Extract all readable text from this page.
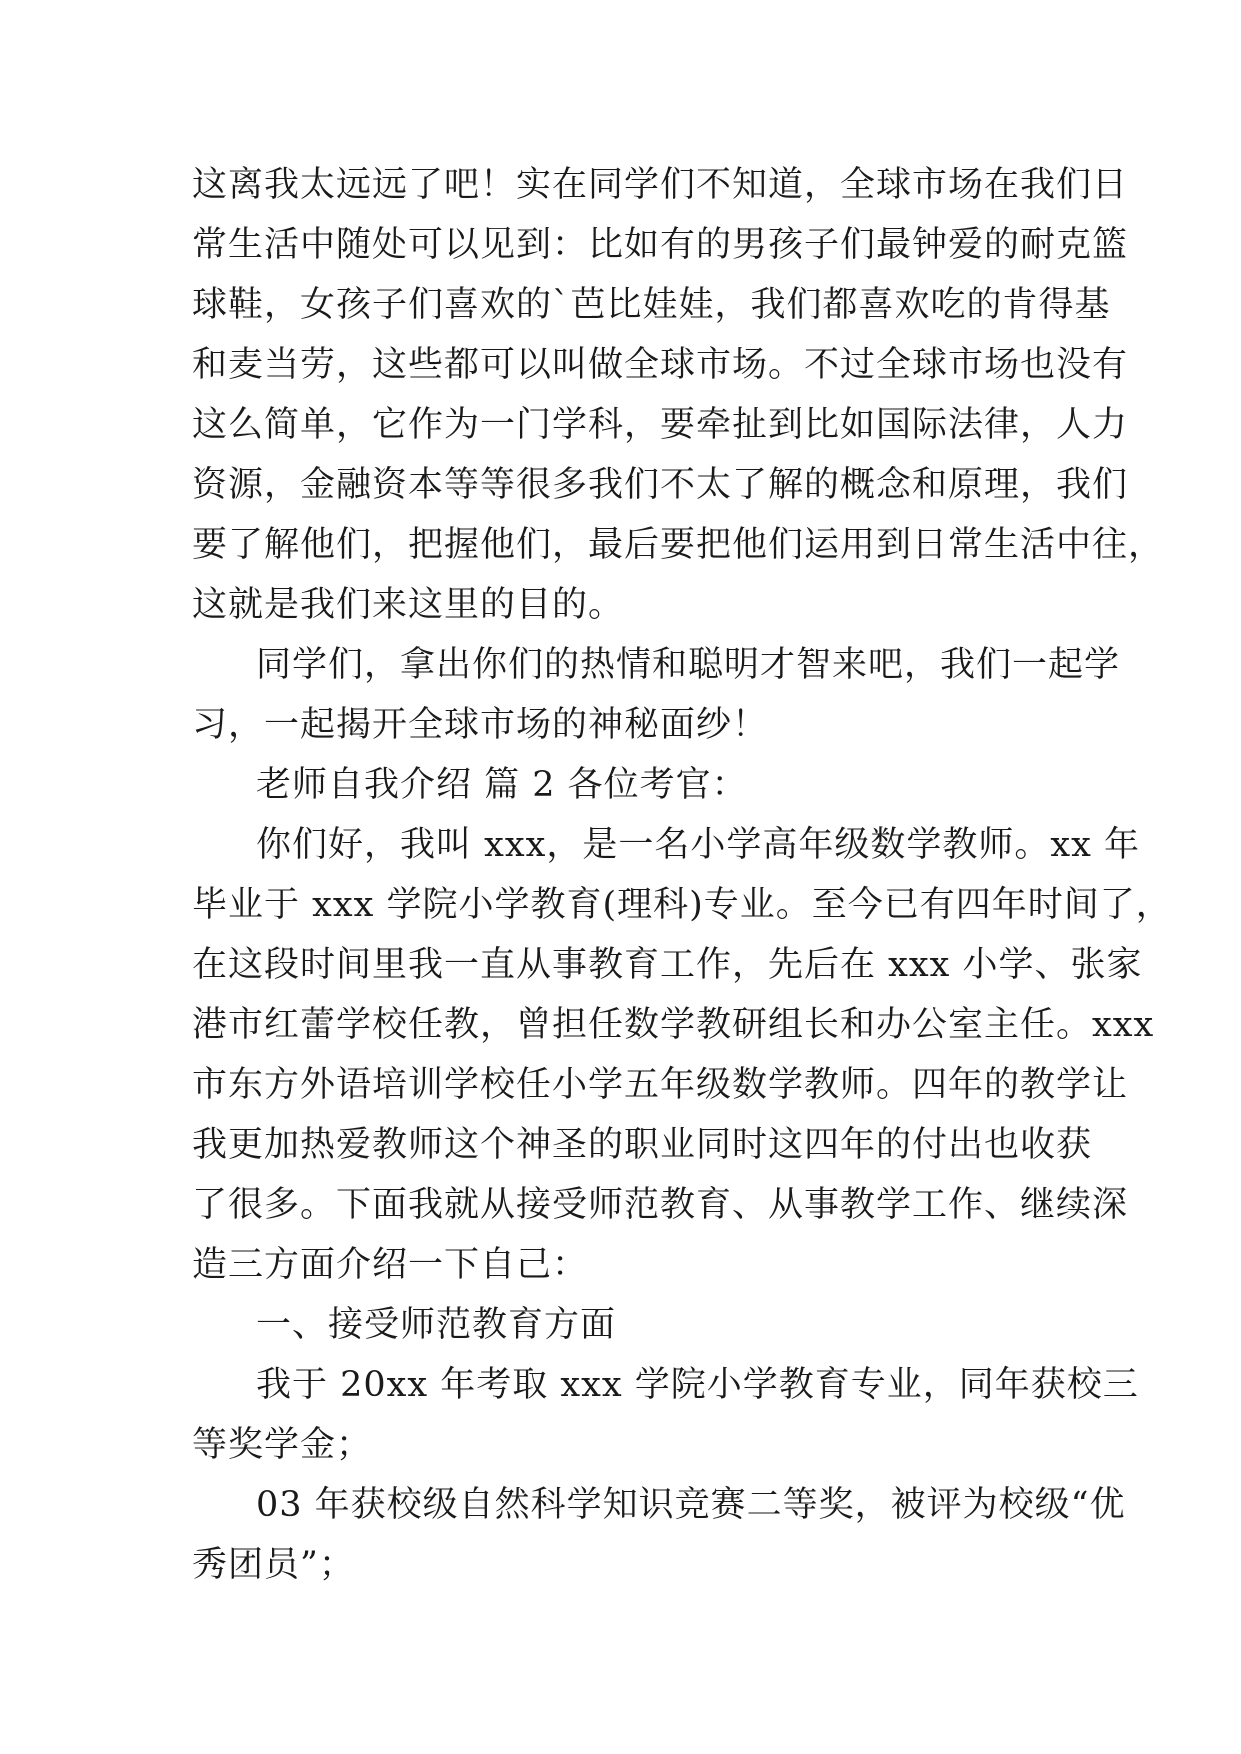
这离我太远远了吧！实在同学们不知道，全球市场在我们日
常生活中随处可以见到：比如有的男孩子们最钟爱的耐克篮
球鞋，女孩子们喜欢的`芭比娃娃，我们都喜欢吃的肯得基
和麦当劳，这些都可以叫做全球市场。不过全球市场也没有
这么简单，它作为一门学科，要牵扯到比如国际法律，人力
资源，金融资本等等很多我们不太了解的概念和原理，我们
要了解他们，把握他们，最后要把他们运用到日常生活中往，
这就是我们来这里的目的。
同学们，拿出你们的热情和聪明才智来吧，我们一起学
习，一起揭开全球市场的神秘面纱！
老师自我介绍 篇 2 各位考官：
你们好，我叫 xxx，是一名小学高年级数学教师。xx 年
毕业于 xxx 学院小学教育(理科)专业。至今已有四年时间了，
在这段时间里我一直从事教育工作，先后在 xxx 小学、张家
港市红蕾学校任教，曾担任数学教研组长和办公室主任。xxx
市东方外语培训学校任小学五年级数学教师。四年的教学让
我更加热爱教师这个神圣的职业同时这四年的付出也收获
了很多。下面我就从接受师范教育、从事教学工作、继续深
造三方面介绍一下自己：
一、接受师范教育方面
我于 20xx 年考取 xxx 学院小学教育专业，同年获校三
等奖学金；
03 年获校级自然科学知识竞赛二等奖，被评为校级“优
秀团员”；
